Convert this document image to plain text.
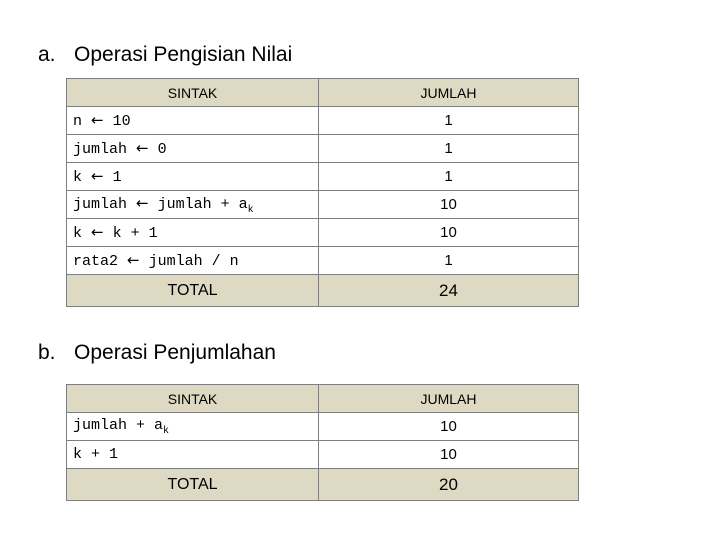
a. Operasi Pengisian Nilai
SINTAK	JUMLAH
n ← 10	1
jumlah ← 0	1
k ← 1	1
jumlah ← jumlah + $a_k$	10
k ← k + 1	10
rata2 ← jumlah / n	1
TOTAL	24
b. Operasi Penjumlahan
SINTAK	JUMLAH
jumlah + $a_k$	10
k + 1	10
TOTAL	20
